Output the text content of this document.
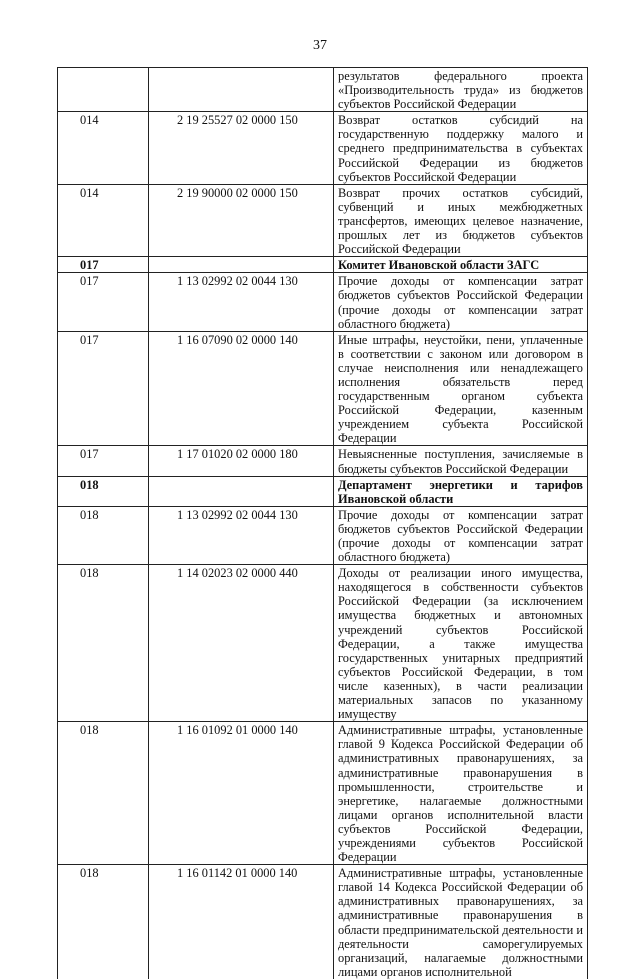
37
		результатов федерального проекта «Производительность труда» из бюджетов субъектов Российской Федерации
014	2 19 25527 02 0000 150	Возврат остатков субсидий на государственную поддержку малого и среднего предпринимательства в субъектах Российской Федерации из бюджетов субъектов Российской Федерации
014	2 19 90000 02 0000 150	Возврат прочих остатков субсидий, субвенций и иных межбюджетных трансфертов, имеющих целевое назначение, прошлых лет из бюджетов субъектов Российской Федерации
017		Комитет Ивановской области ЗАГС
017	1 13 02992 02 0044 130	Прочие доходы от компенсации затрат бюджетов субъектов Российской Федерации (прочие доходы от компенсации затрат областного бюджета)
017	1 16 07090 02 0000 140	Иные штрафы, неустойки, пени, уплаченные в соответствии с законом или договором в случае неисполнения или ненадлежащего исполнения обязательств перед государственным органом субъекта Российской Федерации, казенным учреждением субъекта Российской Федерации
017	1 17 01020 02 0000 180	Невыясненные поступления, зачисляемые в бюджеты субъектов Российской Федерации
018		Департамент энергетики и тарифов Ивановской области
018	1 13 02992 02 0044 130	Прочие доходы от компенсации затрат бюджетов субъектов Российской Федерации (прочие доходы от компенсации затрат областного бюджета)
018	1 14 02023 02 0000 440	Доходы от реализации иного имущества, находящегося в собственности субъектов Российской Федерации (за исключением имущества бюджетных и автономных учреждений субъектов Российской Федерации, а также имущества государственных унитарных предприятий субъектов Российской Федерации, в том числе казенных), в части реализации материальных запасов по указанному имуществу
018	1 16 01092 01 0000 140	Административные штрафы, установленные главой 9 Кодекса Российской Федерации об административных правонарушениях, за административные правонарушения в промышленности, строительстве и энергетике, налагаемые должностными лицами органов исполнительной власти субъектов Российской Федерации, учреждениями субъектов Российской Федерации
018	1 16 01142 01 0000 140	Административные штрафы, установленные главой 14 Кодекса Российской Федерации об административных правонарушениях, за административные правонарушения в области предпринимательской деятельности и деятельности саморегулируемых организаций, налагаемые должностными лицами органов исполнительной
